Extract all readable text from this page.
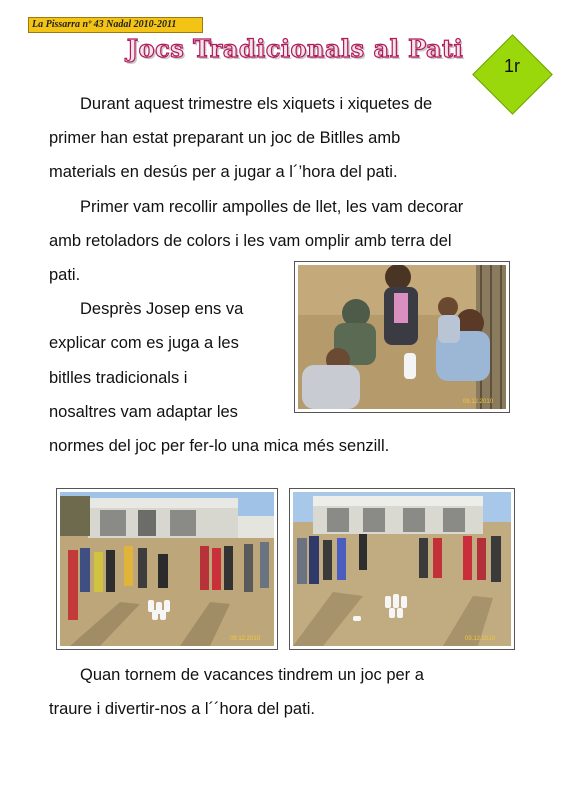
La Pissarra nº 43 Nadal 2010-2011
Jocs Tradicionals al Pati
1r

Durant aquest trimestre els xiquets i xiquetes de

primer han estat preparant un joc de Bitlles amb

materials en desús per a jugar a l´’hora del pati.

Primer vam recollir ampolles de llet, les vam decorar

amb retoladors de colors i les vam omplir amb terra del

pati.

Desprès Josep ens va

explicar com es juga a les

bitlles tradicionals i

nosaltres vam adaptar les

normes del joc per fer-lo una mica més senzill.

09.12.2010
09.12.2010	09.12.2010

Quan tornem de vacances tindrem un joc per a

traure i divertir-nos a l´´hora del pati.
